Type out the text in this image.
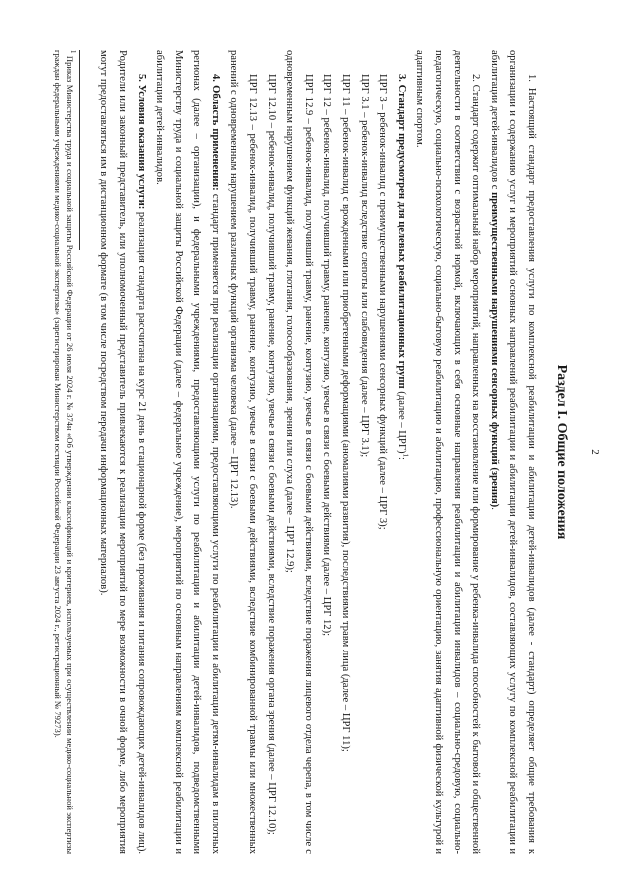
2
Раздел I. Общие положения

1. Настоящий стандарт предоставления услуги по комплексной реабилитации и абилитации детей-инвалидов (далее - стандарт) определяет общие требования к организации и содержанию услуг и мероприятий основных направлений реабилитации и абилитации детей-инвалидов, составляющих услугу по комплексной реабилитации и абилитации детей-инвалидов с преимущественными нарушениями сенсорных функций (зрения).

2. Стандарт содержит оптимальный набор мероприятий, направленных на восстановление или формирование у ребенка-инвалида способностей к бытовой и общественной деятельности в соответствии с возрастной нормой, включающих в себя основные направления реабилитации и абилитации инвалидов – социально-средовую, социально-педагогическую, социально-психологическую, социально-бытовую реабилитацию и абилитацию, профессиональную ориентацию, занятия адаптивной физической культурой и адаптивным спортом.

3. Стандарт предусмотрен для целевых реабилитационных групп (далее – ЦРГ)$^1$:

ЦРГ 3 – ребенок-инвалид с преимущественными нарушениями сенсорных функций (далее – ЦРГ 3);

ЦРГ 3.1 – ребенок-инвалид вследствие слепоты или слабовидения (далее – ЦРГ 3.1);

ЦРГ 11 – ребенок-инвалид с врожденными или приобретенными деформациями (аномалиями развития), последствиями травм лица (далее – ЦРГ 11);

ЦРГ 12 – ребенок-инвалид, получивший травму, ранение, контузию, увечье в связи с боевыми действиями (далее – ЦРГ 12);

ЦРГ 12.9 – ребенок-инвалид, получивший травму, ранение, контузию, увечье в связи с боевыми действиями, вследствие поражения лицевого отдела черепа, в том числе с одновременным нарушением функций жевания, глотания, голосообразования, зрения или слуха (далее – ЦРГ 12.9);

ЦРГ 12.10 – ребенок-инвалид, получивший травму, ранение, контузию, увечье в связи с боевыми действиями, вследствие поражения органа зрения (далее – ЦРГ 12.10);

ЦРГ 12.13 – ребенок-инвалид, получивший травму, ранение, контузию, увечье в связи с боевыми действиями, вследствие комбинированной травмы или множественных ранений с одновременным нарушением различных функций организма человека (далее – ЦРГ 12.13).

4. Область применения: стандарт применяется при реализации организациями, предоставляющими услуги по реабилитации и абилитации детям-инвалидам в пилотных регионах (далее – организации), и федеральными учреждениями, предоставляющими услуги по реабилитации и абилитации детей-инвалидов, подведомственными Министерству труда и социальной защиты Российской Федерации (далее – федеральное учреждение), мероприятий по основным направлениям комплексной реабилитации и абилитации детей-инвалидов.

5. Условия оказания услуги: реализация стандарта рассчитана на курс 21 день в стационарной форме (без проживания и питания сопровождающих детей-инвалидов лиц). Родители или законный представитель, или уполномоченный представитель привлекаются к реализации мероприятий по мере возможности в очной форме, либо мероприятия могут предоставляться им в дистанционном формате (в том числе посредством передачи информационных материалов).

$^1$ Приказ Министерства труда и социальной защиты Российской Федерации от 26 июля 2024 г. № 374н «Об утверждении классификаций и критериев, используемых при осуществлении медико-социальной экспертизы граждан федеральными учреждениями медико-социальной экспертизы» (зарегистрирован Министерством юстиции Российской Федерации 23 августа 2024 г., регистрационный № 79273).
